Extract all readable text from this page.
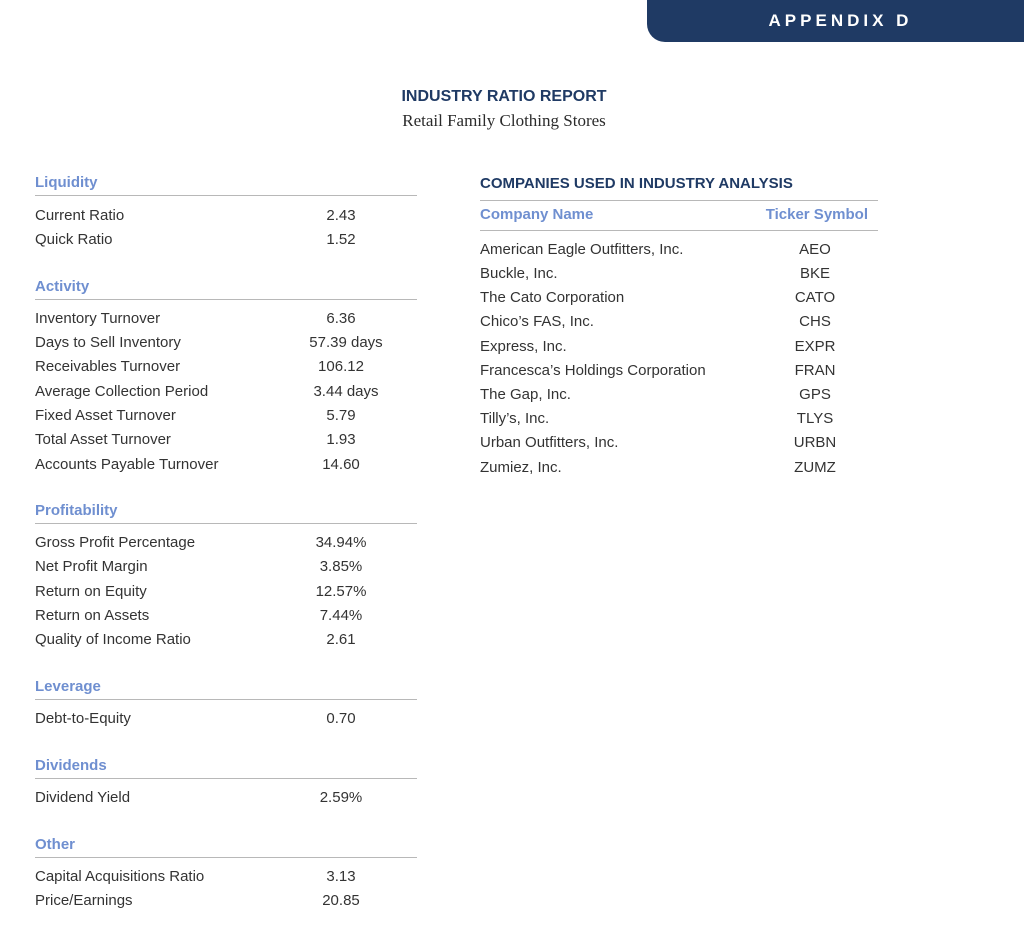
APPENDIX D
INDUSTRY RATIO REPORT
Retail Family Clothing Stores
Liquidity
Current Ratio	2.43
Quick Ratio	1.52
Activity
Inventory Turnover	6.36
Days to Sell Inventory	57.39 days
Receivables Turnover	106.12
Average Collection Period	3.44 days
Fixed Asset Turnover	5.79
Total Asset Turnover	1.93
Accounts Payable Turnover	14.60
Profitability
Gross Profit Percentage	34.94%
Net Profit Margin	3.85%
Return on Equity	12.57%
Return on Assets	7.44%
Quality of Income Ratio	2.61
Leverage
Debt-to-Equity	0.70
Dividends
Dividend Yield	2.59%
Other
Capital Acquisitions Ratio	3.13
Price/Earnings	20.85
COMPANIES USED IN INDUSTRY ANALYSIS
Company Name	Ticker Symbol
American Eagle Outfitters, Inc.	AEO
Buckle, Inc.	BKE
The Cato Corporation	CATO
Chico’s FAS, Inc.	CHS
Express, Inc.	EXPR
Francesca’s Holdings Corporation	FRAN
The Gap, Inc.	GPS
Tilly’s, Inc.	TLYS
Urban Outfitters, Inc.	URBN
Zumiez, Inc.	ZUMZ
